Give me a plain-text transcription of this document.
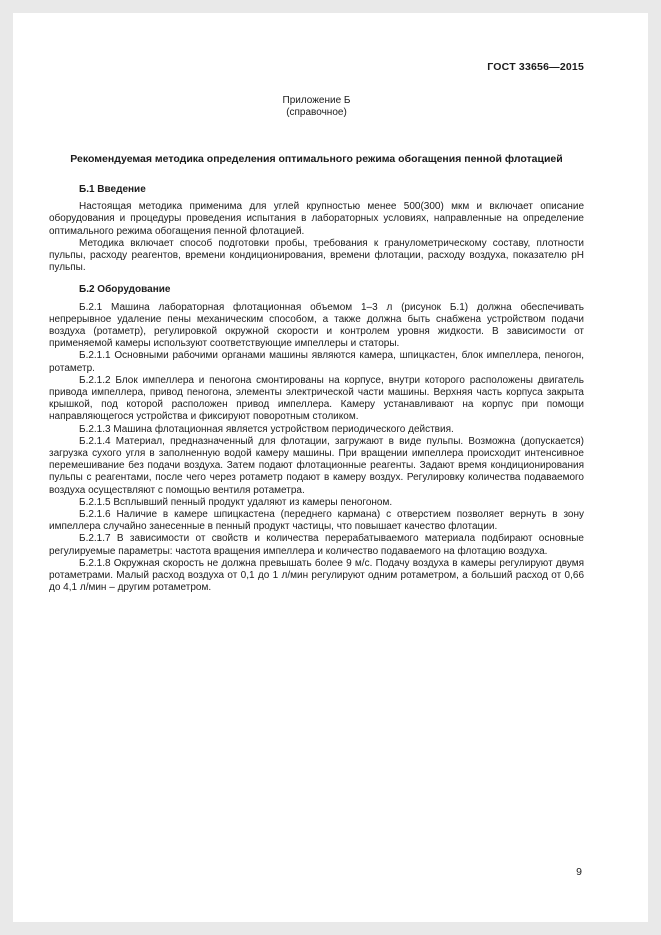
ГОСТ 33656—2015
Приложение Б
(справочное)
Рекомендуемая методика определения оптимального режима обогащения пенной флотацией
Б.1 Введение

Настоящая методика применима для углей крупностью менее 500(300) мкм и включает описание оборудования и процедуры проведения испытания в лабораторных условиях, направленные на определение оптимального режима обогащения пенной флотацией.

Методика включает способ подготовки пробы, требования к гранулометрическому составу, плотности пульпы, расходу реагентов, времени кондиционирования, времени флотации, расходу воздуха, показателю pH пульпы.

Б.2 Оборудование

Б.2.1 Машина лабораторная флотационная объемом 1–3 л (рисунок Б.1) должна обеспечивать непрерывное удаление пены механическим способом, а также должна быть снабжена устройством подачи воздуха (ротаметр), регулировкой окружной скорости и контролем уровня жидкости. В зависимости от применяемой камеры используют соответствующие импеллеры и статоры.

Б.2.1.1 Основными рабочими органами машины являются камера, шпицкастен, блок импеллера, пеногон, ротаметр.

Б.2.1.2 Блок импеллера и пеногона смонтированы на корпусе, внутри которого расположены двигатель привода импеллера, привод пеногона, элементы электрической части машины. Верхняя часть корпуса закрыта крышкой, под которой расположен привод импеллера. Камеру устанавливают на корпус при помощи направляющегося устройства и фиксируют поворотным столиком.

Б.2.1.3 Машина флотационная является устройством периодического действия.

Б.2.1.4 Материал, предназначенный для флотации, загружают в виде пульпы. Возможна (допускается) загрузка сухого угля в заполненную водой камеру машины. При вращении импеллера происходит интенсивное перемешивание без подачи воздуха. Затем подают флотационные реагенты. Задают время кондиционирования пульпы с реагентами, после чего через ротаметр подают в камеру воздух. Регулировку количества подаваемого воздуха осуществляют с помощью вентиля ротаметра.

Б.2.1.5 Всплывший пенный продукт удаляют из камеры пеногоном.

Б.2.1.6 Наличие в камере шпицкастена (переднего кармана) с отверстием позволяет вернуть в зону импеллера случайно занесенные в пенный продукт частицы, что повышает качество флотации.

Б.2.1.7 В зависимости от свойств и количества перерабатываемого материала подбирают основные регулируемые параметры: частота вращения импеллера и количество подаваемого на флотацию воздуха.

Б.2.1.8 Окружная скорость не должна превышать более 9 м/с. Подачу воздуха в камеры регулируют двумя ротаметрами. Малый расход воздуха от 0,1 до 1 л/мин регулируют одним ротаметром, а больший расход от 0,66 до 4,1 л/мин – другим ротаметром.

9
